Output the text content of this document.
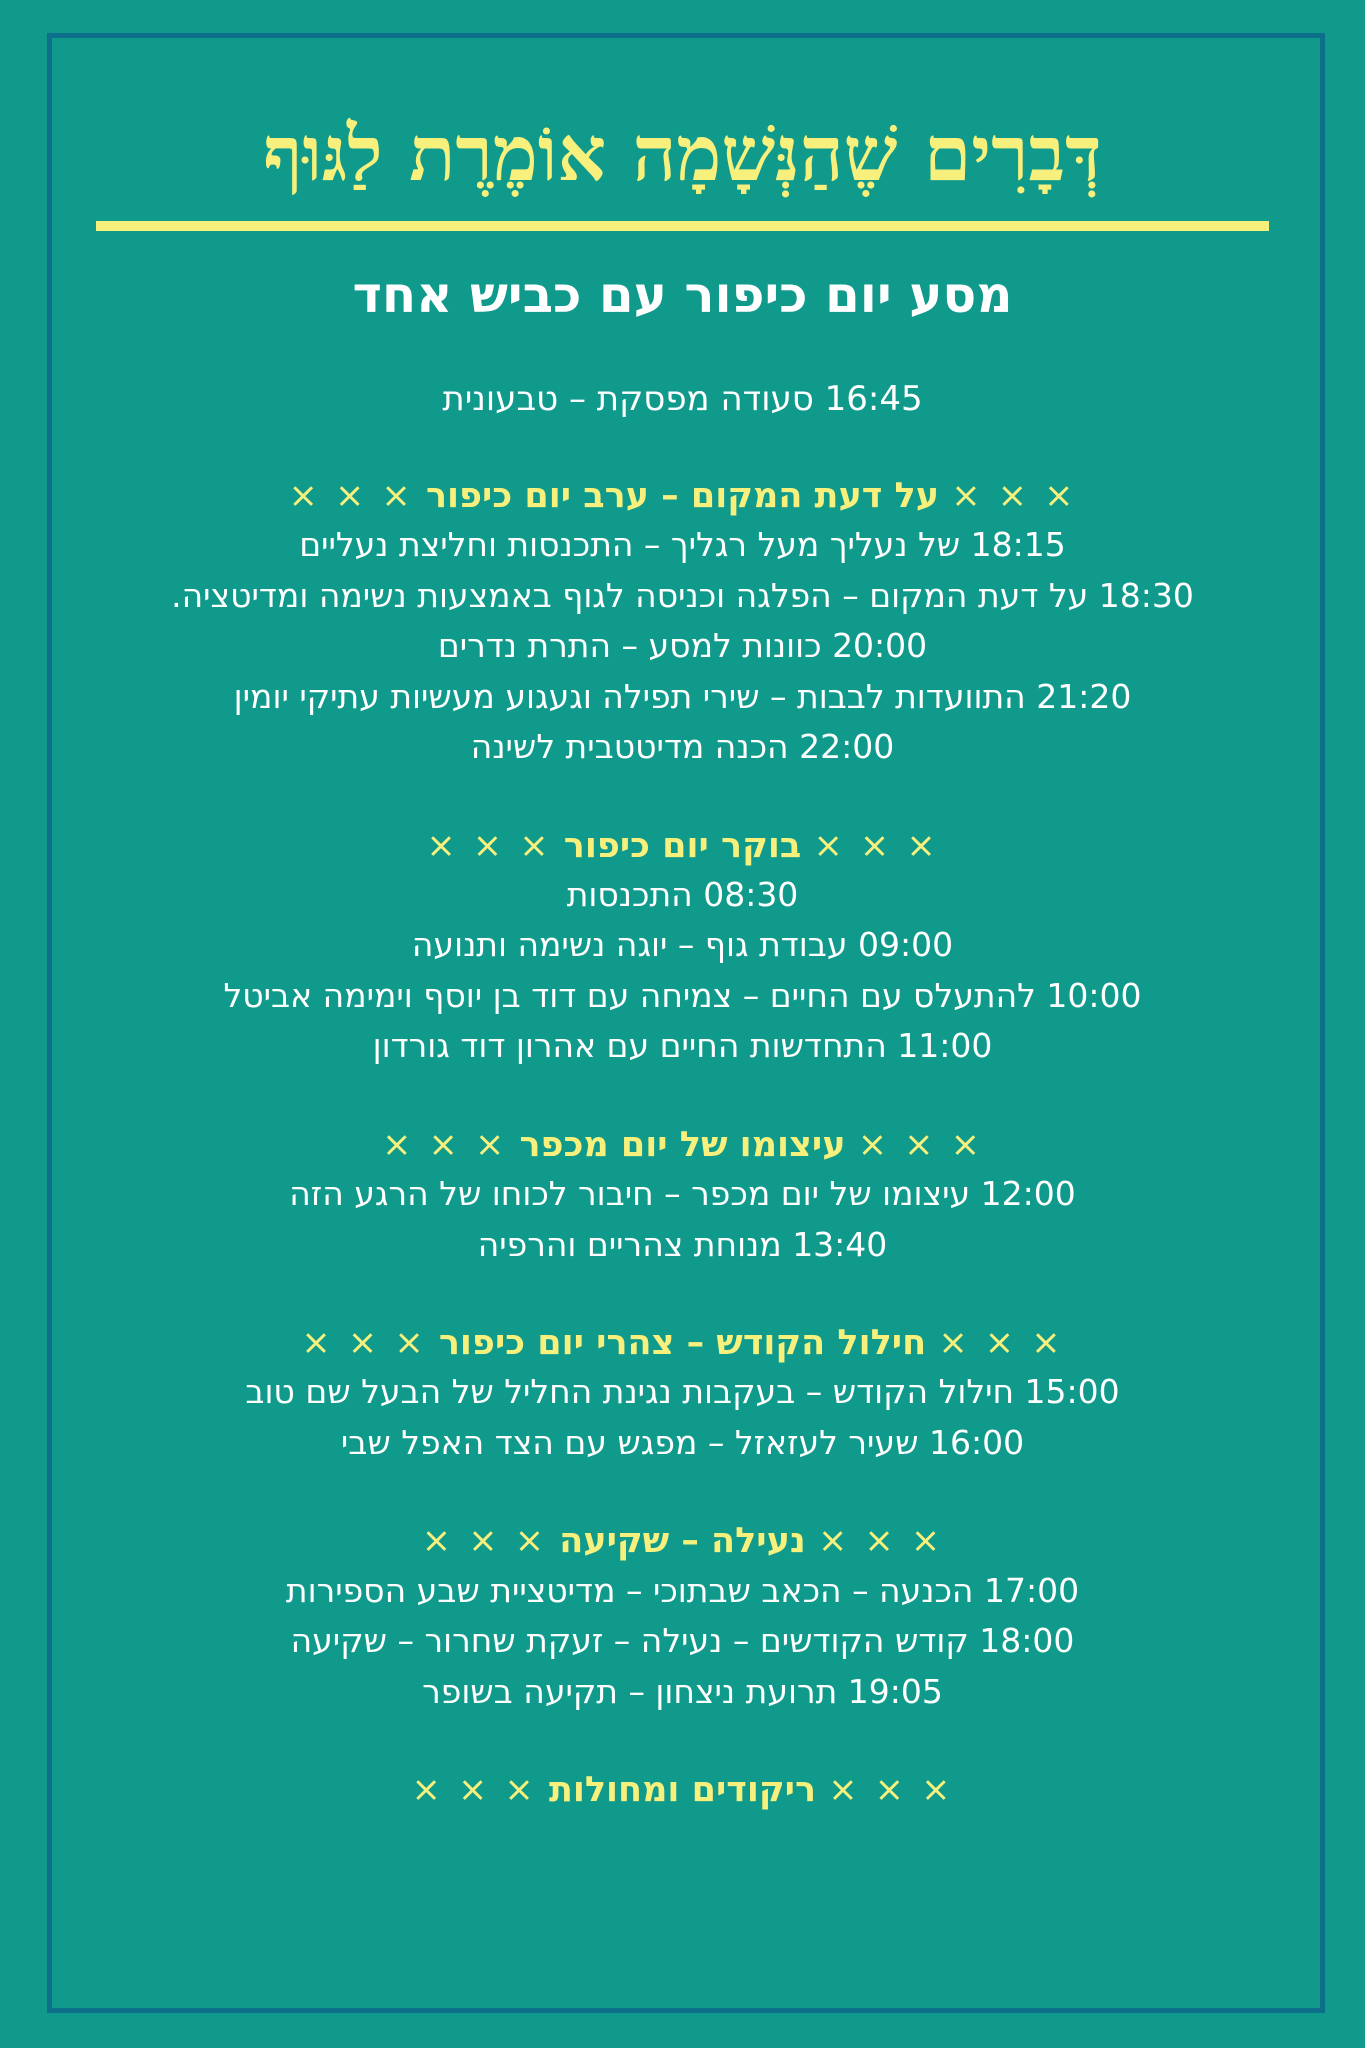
דְּבָרִים שֶׁהַנְּשָׁמָה אוֹמֶרֶת לַגּוּף
מסע יום כיפור עם כביש אחד

16:45 סעודה מפסקת – טבעונית

× × × על דעת המקום – ערב יום כיפור × × ×
18:15 של נעליך מעל רגליך – התכנסות וחליצת נעליים
18:30 על דעת המקום – הפלגה וכניסה לגוף באמצעות נשימה ומדיטציה.
20:00 כוונות למסע – התרת נדרים
21:20 התוועדות לבבות – שירי תפילה וגעגוע מעשיות עתיקי יומין
22:00 הכנה מדיטטבית לשינה
× × × בוקר יום כיפור × × ×
08:30 התכנסות
09:00 עבודת גוף – יוגה נשימה ותנועה
10:00 להתעלס עם החיים – צמיחה עם דוד בן יוסף וימימה אביטל
11:00 התחדשות החיים עם אהרון דוד גורדון
× × × עיצומו של יום מכפר × × ×
12:00 עיצומו של יום מכפר – חיבור לכוחו של הרגע הזה
13:40 מנוחת צהריים והרפיה
× × × חילול הקודש – צהרי יום כיפור × × ×
15:00 חילול הקודש – בעקבות נגינת החליל של הבעל שם טוב
16:00 שעיר לעזאזל – מפגש עם הצד האפל שבי
× × × נעילה – שקיעה × × ×
17:00 הכנעה – הכאב שבתוכי – מדיטציית שבע הספירות
18:00 קודש הקודשים – נעילה – זעקת שחרור – שקיעה
19:05 תרועת ניצחון – תקיעה בשופר
× × × ריקודים ומחולות × × ×
